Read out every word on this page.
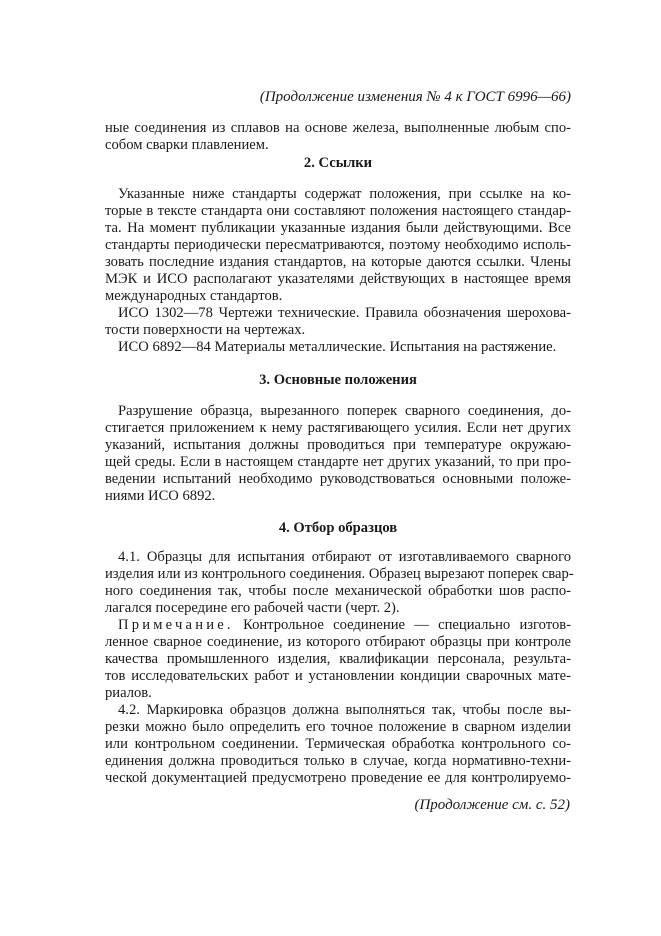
(Продолжение изменения № 4 к ГОСТ 6996—66)
ные соединения из сплавов на основе железа, выполненные любым спо-
собом сварки плавлением.
2. Ссылки
Указанные ниже стандарты содержат положения, при ссылке на ко-
торые в тексте стандарта они составляют положения настоящего стандар-
та. На момент публикации указанные издания были действующими. Все
стандарты периодически пересматриваются, поэтому необходимо исполь-
зовать последние издания стандартов, на которые даются ссылки. Члены
МЭК и ИСО располагают указателями действующих в настоящее время
международных стандартов.
ИСО 1302—78 Чертежи технические. Правила обозначения шерохова-
тости поверхности на чертежах.
ИСО 6892—84 Материалы металлические. Испытания на растяжение.
3. Основные положения
Разрушение образца, вырезанного поперек сварного соединения, до-
стигается приложением к нему растягивающего усилия. Если нет других
указаний, испытания должны проводиться при температуре окружаю-
щей среды. Если в настоящем стандарте нет других указаний, то при про-
ведении испытаний необходимо руководствоваться основными положе-
ниями ИСО 6892.
4. Отбор образцов
4.1. Образцы для испытания отбирают от изготавливаемого сварного
изделия или из контрольного соединения. Образец вырезают поперек свар-
ного соединения так, чтобы после механической обработки шов распо-
лагался посередине его рабочей части (черт. 2).
Примечание. Контрольное соединение — специально изготов-
ленное сварное соединение, из которого отбирают образцы при контроле
качества промышленного изделия, квалификации персонала, результа-
тов исследовательских работ и установлении кондиции сварочных мате-
риалов.
4.2. Маркировка образцов должна выполняться так, чтобы после вы-
резки можно было определить его точное положение в сварном изделии
или контрольном соединении. Термическая обработка контрольного со-
единения должна проводиться только в случае, когда нормативно-техни-
ческой документацией предусмотрено проведение ее для контролируемо-
(Продолжение см. с. 52)
